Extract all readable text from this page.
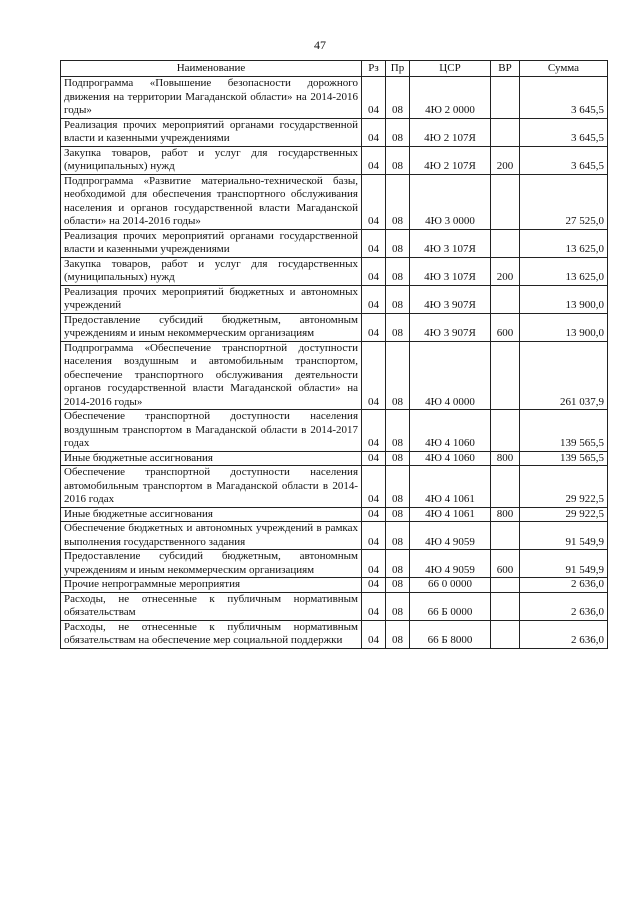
47
Наименование	Рз	Пр	ЦСР	ВР	Сумма
Подпрограмма «Повышение безопасности дорожного движения на территории Магаданской области» на 2014-2016 годы»	04	08	4Ю 2 0000		3 645,5
Реализация прочих мероприятий органами государственной власти и казенными учреждениями	04	08	4Ю 2 107Я		3 645,5
Закупка товаров, работ и услуг для государственных (муниципальных) нужд	04	08	4Ю 2 107Я	200	3 645,5
Подпрограмма «Развитие материально-технической базы, необходимой для обеспечения транспортного обслуживания населения и органов государственной власти Магаданской области» на 2014-2016 годы»	04	08	4Ю 3 0000		27 525,0
Реализация прочих мероприятий органами государственной власти и казенными учреждениями	04	08	4Ю 3 107Я		13 625,0
Закупка товаров, работ и услуг для государственных (муниципальных) нужд	04	08	4Ю 3 107Я	200	13 625,0
Реализация прочих мероприятий бюджетных и автономных учреждений	04	08	4Ю 3 907Я		13 900,0
Предоставление субсидий бюджетным, автономным учреждениям и иным некоммерческим организациям	04	08	4Ю 3 907Я	600	13 900,0
Подпрограмма «Обеспечение транспортной доступности населения воздушным и автомобильным транспортом, обеспечение транспортного обслуживания деятельности органов государственной власти Магаданской области» на 2014-2016 годы»	04	08	4Ю 4 0000		261 037,9
Обеспечение транспортной доступности населения воздушным транспортом в Магаданской области в 2014-2017 годах	04	08	4Ю 4 1060		139 565,5
Иные бюджетные ассигнования	04	08	4Ю 4 1060	800	139 565,5
Обеспечение транспортной доступности населения автомобильным транспортом в Магаданской области в 2014-2016 годах	04	08	4Ю 4 1061		29 922,5
Иные бюджетные ассигнования	04	08	4Ю 4 1061	800	29 922,5
Обеспечение бюджетных и автономных учреждений в рамках выполнения государственного задания	04	08	4Ю 4 9059		91 549,9
Предоставление субсидий бюджетным, автономным учреждениям и иным некоммерческим организациям	04	08	4Ю 4 9059	600	91 549,9
Прочие непрограммные мероприятия	04	08	66 0 0000		2 636,0
Расходы, не отнесенные к публичным нормативным обязательствам	04	08	66 Б 0000		2 636,0
Расходы, не отнесенные к публичным нормативным обязательствам на обеспечение мер социальной поддержки	04	08	66 Б 8000		2 636,0
